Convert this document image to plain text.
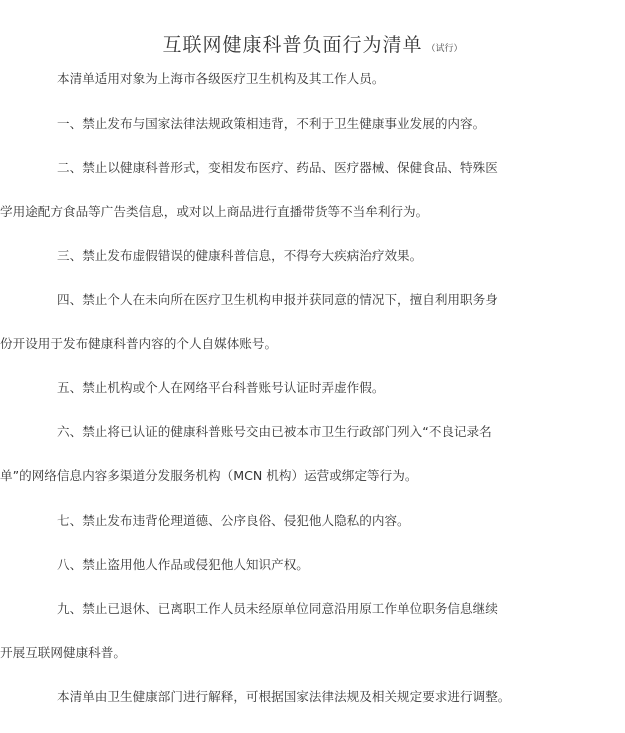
互联网健康科普负面行为清单 （试行）
本清单适用对象为上海市各级医疗卫生机构及其工作人员。
一、禁止发布与国家法律法规政策相违背，不利于卫生健康事业发展的内容。
二、禁止以健康科普形式，变相发布医疗、药品、医疗器械、保健食品、特殊医
学用途配方食品等广告类信息，或对以上商品进行直播带货等不当牟利行为。
三、禁止发布虚假错误的健康科普信息，不得夸大疾病治疗效果。
四、禁止个人在未向所在医疗卫生机构申报并获同意的情况下，擅自利用职务身
份开设用于发布健康科普内容的个人自媒体账号。
五、禁止机构或个人在网络平台科普账号认证时弄虚作假。
六、禁止将已认证的健康科普账号交由已被本市卫生行政部门列入“不良记录名
单”的网络信息内容多渠道分发服务机构（MCN 机构）运营或绑定等行为。
七、禁止发布违背伦理道德、公序良俗、侵犯他人隐私的内容。
八、禁止盗用他人作品或侵犯他人知识产权。
九、禁止已退休、已离职工作人员未经原单位同意沿用原工作单位职务信息继续
开展互联网健康科普。
本清单由卫生健康部门进行解释，可根据国家法律法规及相关规定要求进行调整。
